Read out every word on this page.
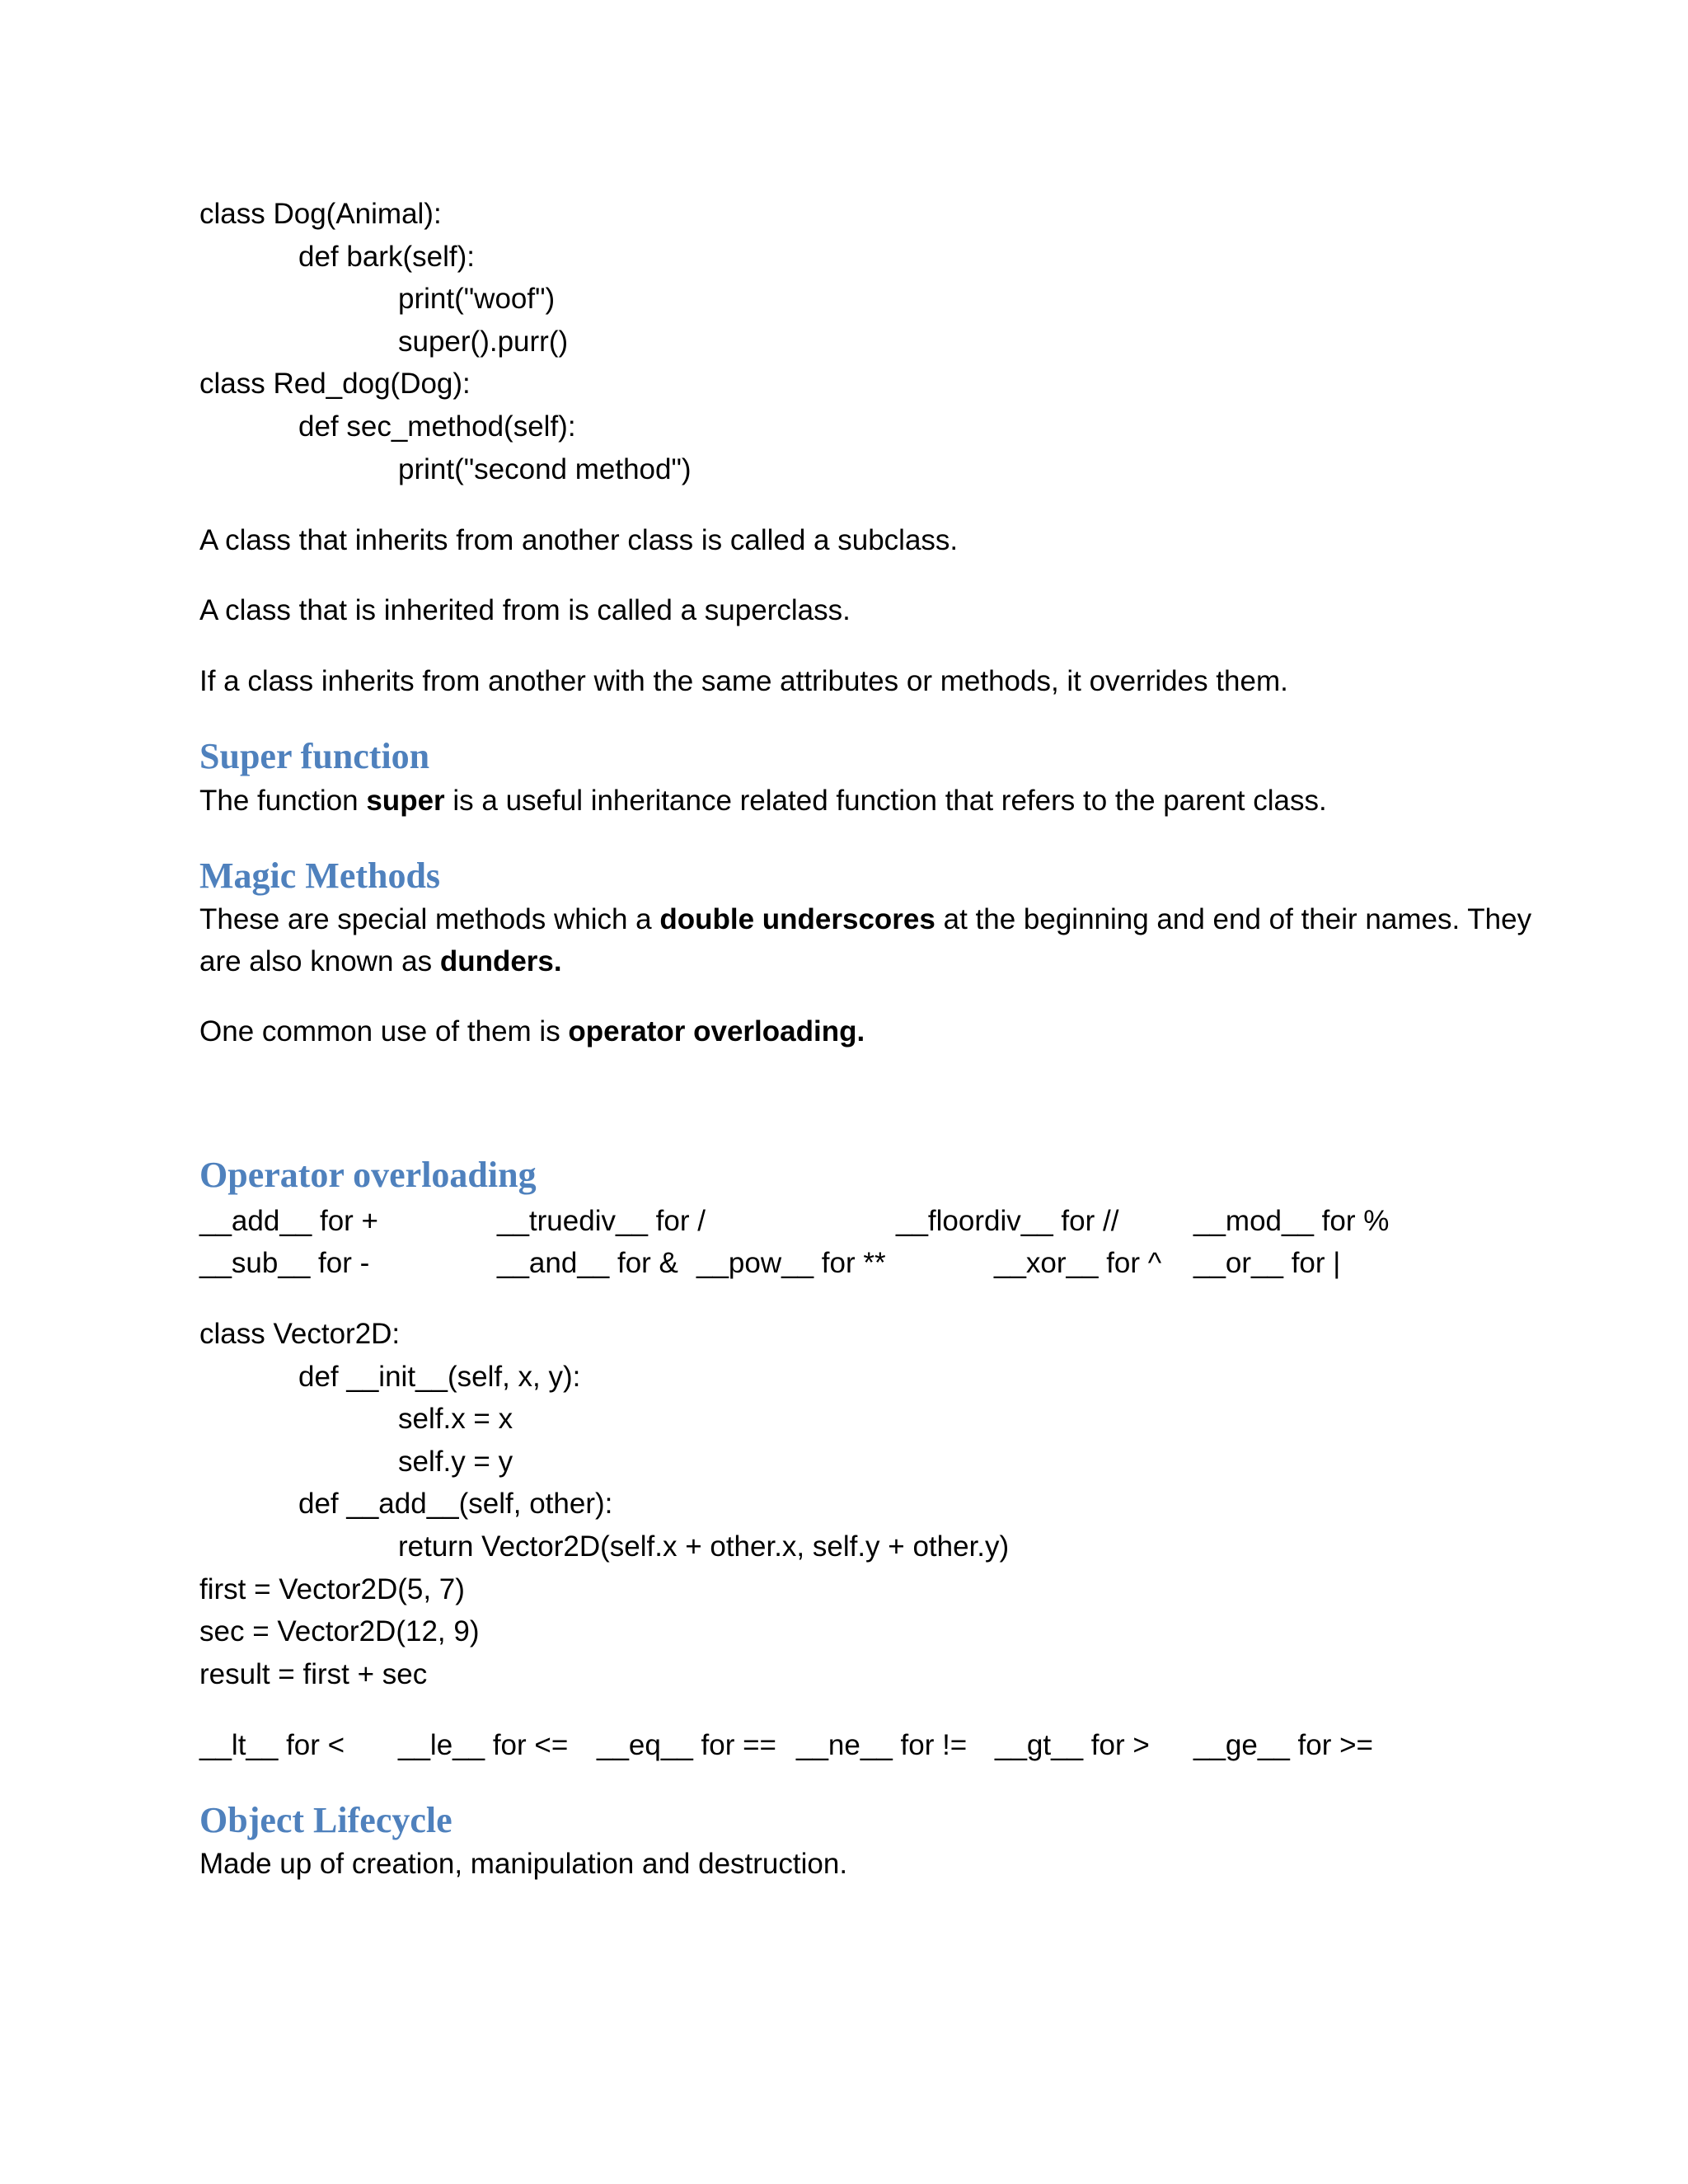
class Dog(Animal):
def bark(self):
print("woof")
super().purr()
class Red_dog(Dog):
def sec_method(self):
print("second method")
A class that inherits from another class is called a subclass.
A class that is inherited from is called a superclass.
If a class inherits from another with the same attributes or methods, it overrides them.
Super function
The function super is a useful inheritance related function that refers to the parent class.
Magic Methods
These are special methods which a double underscores at the beginning and end of their names. They
are also known as dunders.
One common use of them is operator overloading.
Operator overloading
__add__ for +	__truediv__ for /	__floordiv__ for //	__mod__ for %
__sub__ for -	__and__ for & __pow__ for **	__xor__ for ^ __or__ for |
class Vector2D:
def __init__(self, x, y):
self.x = x
self.y = y
def __add__(self, other):
return Vector2D(self.x + other.x, self.y + other.y)
first = Vector2D(5, 7)
sec = Vector2D(12, 9)
result = first + sec
__lt__ for < __le__ for <= __eq__ for == __ne__ for != __gt__ for > __ge__ for >=
Object Lifecycle
Made up of creation, manipulation and destruction.
